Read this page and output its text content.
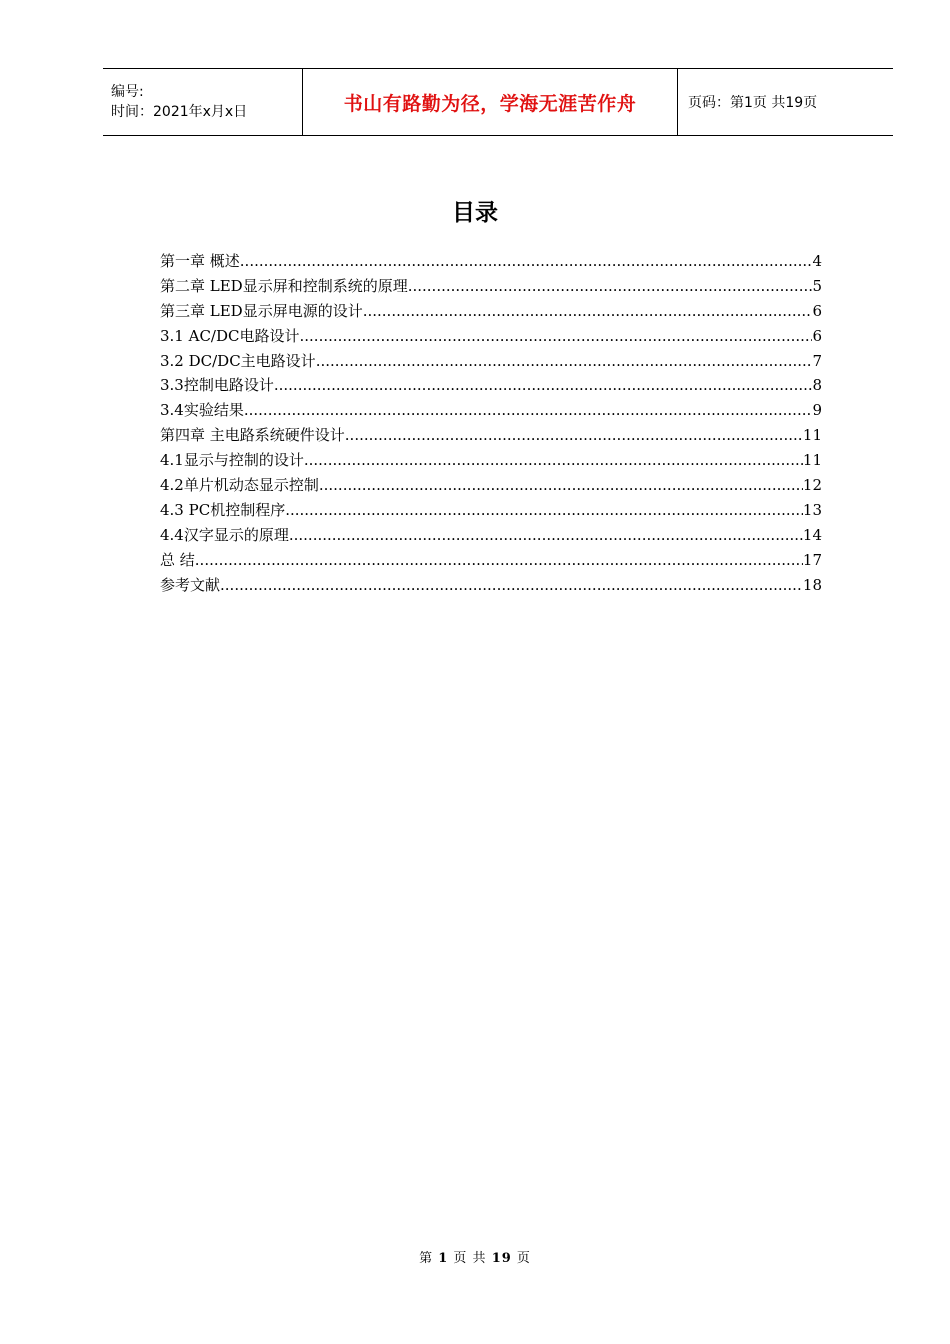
编号:
时间：2021年x月x日	书山有路勤为径，学海无涯苦作舟	页码：第1页 共19页
目录
第一章 概述 .....	4
第二章 LED显示屏和控制系统的原理 .....	5
第三章 LED显示屏电源的设计 .....	6
3.1 AC/DC电路设计 .....	6
3.2 DC/DC主电路设计 .....	7
3.3控制电路设计 .....	8
3.4实验结果 .....	9
第四章 主电路系统硬件设计 .....	11
4.1显示与控制的设计 .....	11
4.2单片机动态显示控制 .....	12
4.3 PC机控制程序 .....	13
4.4汉字显示的原理 .....	14
总 结 .....	17
参考文献 .....	18
第 1 页 共 19 页
